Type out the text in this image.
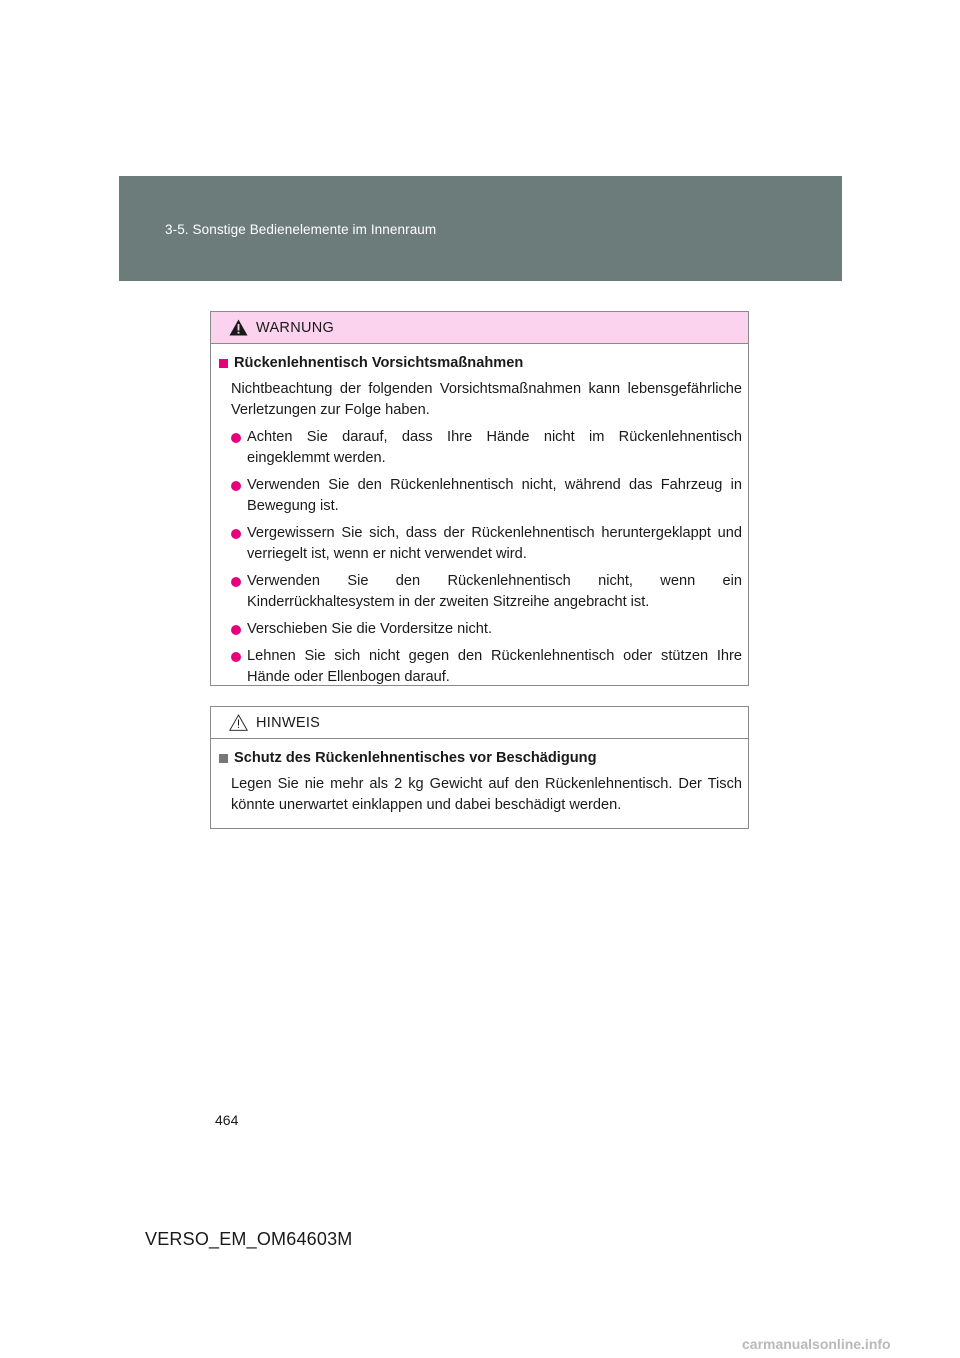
3-5. Sonstige Bedienelemente im Innenraum
WARNUNG
Rückenlehnentisch Vorsichtsmaßnahmen
Nichtbeachtung der folgenden Vorsichtsmaßnahmen kann lebensgefährliche Verletzungen zur Folge haben.
Achten Sie darauf, dass Ihre Hände nicht im Rückenlehnentisch eingeklemmt werden.
Verwenden Sie den Rückenlehnentisch nicht, während das Fahrzeug in Bewegung ist.
Vergewissern Sie sich, dass der Rückenlehnentisch heruntergeklappt und verriegelt ist, wenn er nicht verwendet wird.
Verwenden Sie den Rückenlehnentisch nicht, wenn ein Kinderrückhaltesystem in der zweiten Sitzreihe angebracht ist.
Verschieben Sie die Vordersitze nicht.
Lehnen Sie sich nicht gegen den Rückenlehnentisch oder stützen Ihre Hände oder Ellenbogen darauf.
HINWEIS
Schutz des Rückenlehnentisches vor Beschädigung
Legen Sie nie mehr als 2 kg Gewicht auf den Rückenlehnentisch. Der Tisch könnte unerwartet einklappen und dabei beschädigt werden.
464
VERSO_EM_OM64603M
carmanualsonline.info
